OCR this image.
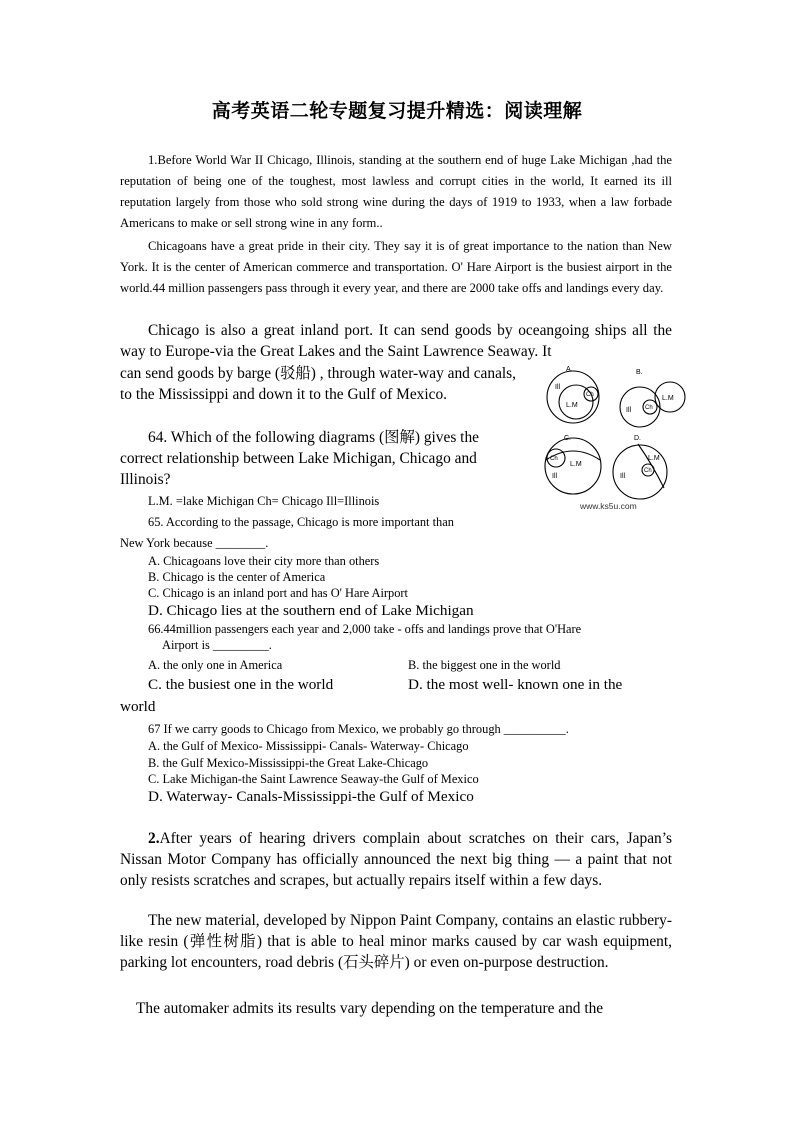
高考英语二轮专题复习提升精选：阅读理解
1.Before World War II Chicago, Illinois, standing at the southern end of huge Lake Michigan ,had the reputation of being one of the toughest, most lawless and corrupt cities in the world, It earned its ill reputation largely from those who sold strong wine during the days of 1919 to 1933, when a law forbade Americans to make or sell strong wine in any form..
Chicagoans have a great pride in their city. They say it is of great importance to the nation than New York. It is the center of American commerce and transportation. O' Hare Airport is the busiest airport in the world.44 million passengers pass through it every year, and there are 2000 take offs and landings every day.
Chicago is also a great inland port. It can send goods by oceangoing ships all the way to Europe-via the Great Lakes and the Saint Lawrence Seaway. It
can send goods by barge (驳船) , through water-way and canals, to the Mississippi and down it to the Gulf of Mexico.
64. Which of the following diagrams (图解) gives the correct relationship between Lake Michigan, Chicago and Illinois?
L.M. =lake Michigan Ch= Chicago Ill=Illinois
65. According to the passage, Chicago is more important than
New York because ________.
A. Chicagoans love their city more than others
B. Chicago is the center of America
C. Chicago is an inland port and has O' Hare Airport
D. Chicago lies at the southern end of Lake Michigan
66.44million passengers each year and 2,000 take - offs and landings prove that O'Hare
Airport is _________.
A. the only one in America	B. the biggest one in the world
C. the busiest one in the world	D. the most well- known one in the
world
67 If we carry goods to Chicago from Mexico, we probably go through __________.
A. the Gulf of Mexico- Mississippi- Canals- Waterway- Chicago
B. the Gulf Mexico-Mississippi-the Great Lake-Chicago
C. Lake Michigan-the Saint Lawrence Seaway-the Gulf of Mexico
D. Waterway- Canals-Mississippi-the Gulf of Mexico
A.	B.
C.	D.
Ill
Ch
L.M
Ill Ch
L.M
Ch
L.M
Ill	Ill
Ch
L.M
www.ks5u.com
2.After years of hearing drivers complain about scratches on their cars, Japan’s Nissan Motor Company has officially announced the next big thing — a paint that not only resists scratches and scrapes, but actually repairs itself within a few days.
The new material, developed by Nippon Paint Company, contains an elastic rubbery-like resin (弹性树脂) that is able to heal minor marks caused by car wash equipment, parking lot encounters, road debris (石头碎片) or even on-purpose destruction.
The automaker admits its results vary depending on the temperature and the
